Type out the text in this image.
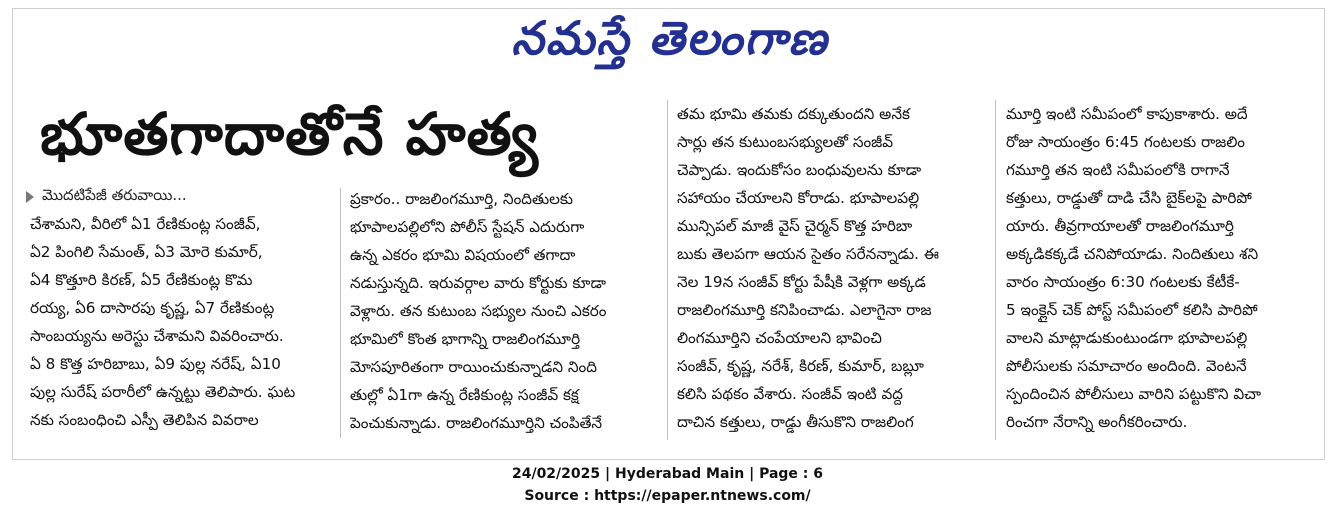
నమస్తే తెలంగాణ
భూతగాదాతోనే హత్య
మొదటిపేజీ తరువాయి...

చేశామని, వీరిలో ఏ1 రేణికుంట్ల సంజీవ్,

ఏ2 పింగిలి సేమంత్, ఏ3 మోరె కుమార్,

ఏ4 కొత్తూరి కిరణ్, ఏ5 రేణికుంట్ల కొమ

రయ్య, ఏ6 దాసారపు కృష్ణ, ఏ7 రేణికుంట్ల

సాంబయ్యను అరెస్టు చేశామని వివరించారు.

ఏ 8 కొత్త హరిబాబు, ఏ9 పుల్ల నరేష్, ఏ10

పుల్ల సురేష్ పరారీలో ఉన్నట్టు తెలిపారు. ఘట

నకు సంబంధించి ఎస్పీ తెలిపిన వివరాల

ప్రకారం.. రాజలింగమూర్తి, నిందితులకు

భూపాలపల్లిలోని పోలీస్ స్టేషన్ ఎదురుగా

ఉన్న ఎకరం భూమి విషయంలో తగాదా

నడుస్తున్నది. ఇరువర్గాల వారు కోర్టుకు కూడా

వెళ్లారు. తన కుటుంబ సభ్యుల నుంచి ఎకరం

భూమిలో కొంత భాగాన్ని రాజలింగమూర్తి

మోసపూరితంగా రాయించుకున్నాడని నింది

తుల్లో ఏ1గా ఉన్న రేణికుంట్ల సంజీవ్ కక్ష

పెంచుకున్నాడు. రాజలింగమూర్తిని చంపితేనే

తమ భూమి తమకు దక్కుతుందని అనేక

సార్లు తన కుటుంబసభ్యులతో సంజీవ్

చెప్పాడు. ఇందుకోసం బంధువులను కూడా

సహాయం చేయాలని కోరాడు. భూపాలపల్లి

మున్సిపల్ మాజీ వైస్ చైర్మన్ కొత్త హరిబా

బుకు తెలపగా ఆయన సైతం సరేనన్నాడు. ఈ

నెల 19న సంజీవ్ కోర్టు పేషీకి వెళ్లగా అక్కడ

రాజలింగమూర్తి కనిపించాడు. ఎలాగైనా రాజ

లింగమూర్తిని చంపేయాలని భావించి

సంజీవ్, కృష్ణ, నరేశ్, కిరణ్, కుమార్, బబ్లూ

కలిసి పథకం వేశారు. సంజీవ్ ఇంటి వద్ద

దాచిన కత్తులు, రాడ్డు తీసుకొని రాజలింగ

మూర్తి ఇంటి సమీపంలో కాపుకాశారు. అదే

రోజు సాయంత్రం 6:45 గంటలకు రాజలిం

గమూర్తి తన ఇంటి సమీపంలోకి రాగానే

కత్తులు, రాడ్డుతో దాడి చేసి బైక్‌లపై పారిపో

యారు. తీవ్రగాయాలతో రాజలింగమూర్తి

అక్కడికక్కడే చనిపోయాడు. నిందితులు శని

వారం సాయంత్రం 6:30 గంటలకు కేటీకే-

5 ఇంక్లైన్ చెక్ పోస్ట్ సమీపంలో కలిసి పారిపో

వాలని మాట్లాడుకుంటుండగా భూపాలపల్లి

పోలీసులకు సమాచారం అందింది. వెంటనే

స్పందించిన పోలీసులు వారిని పట్టుకొని విచా

రించగా నేరాన్ని అంగీకరించారు.

24/02/2025 | Hyderabad Main | Page : 6
Source : https://epaper.ntnews.com/
